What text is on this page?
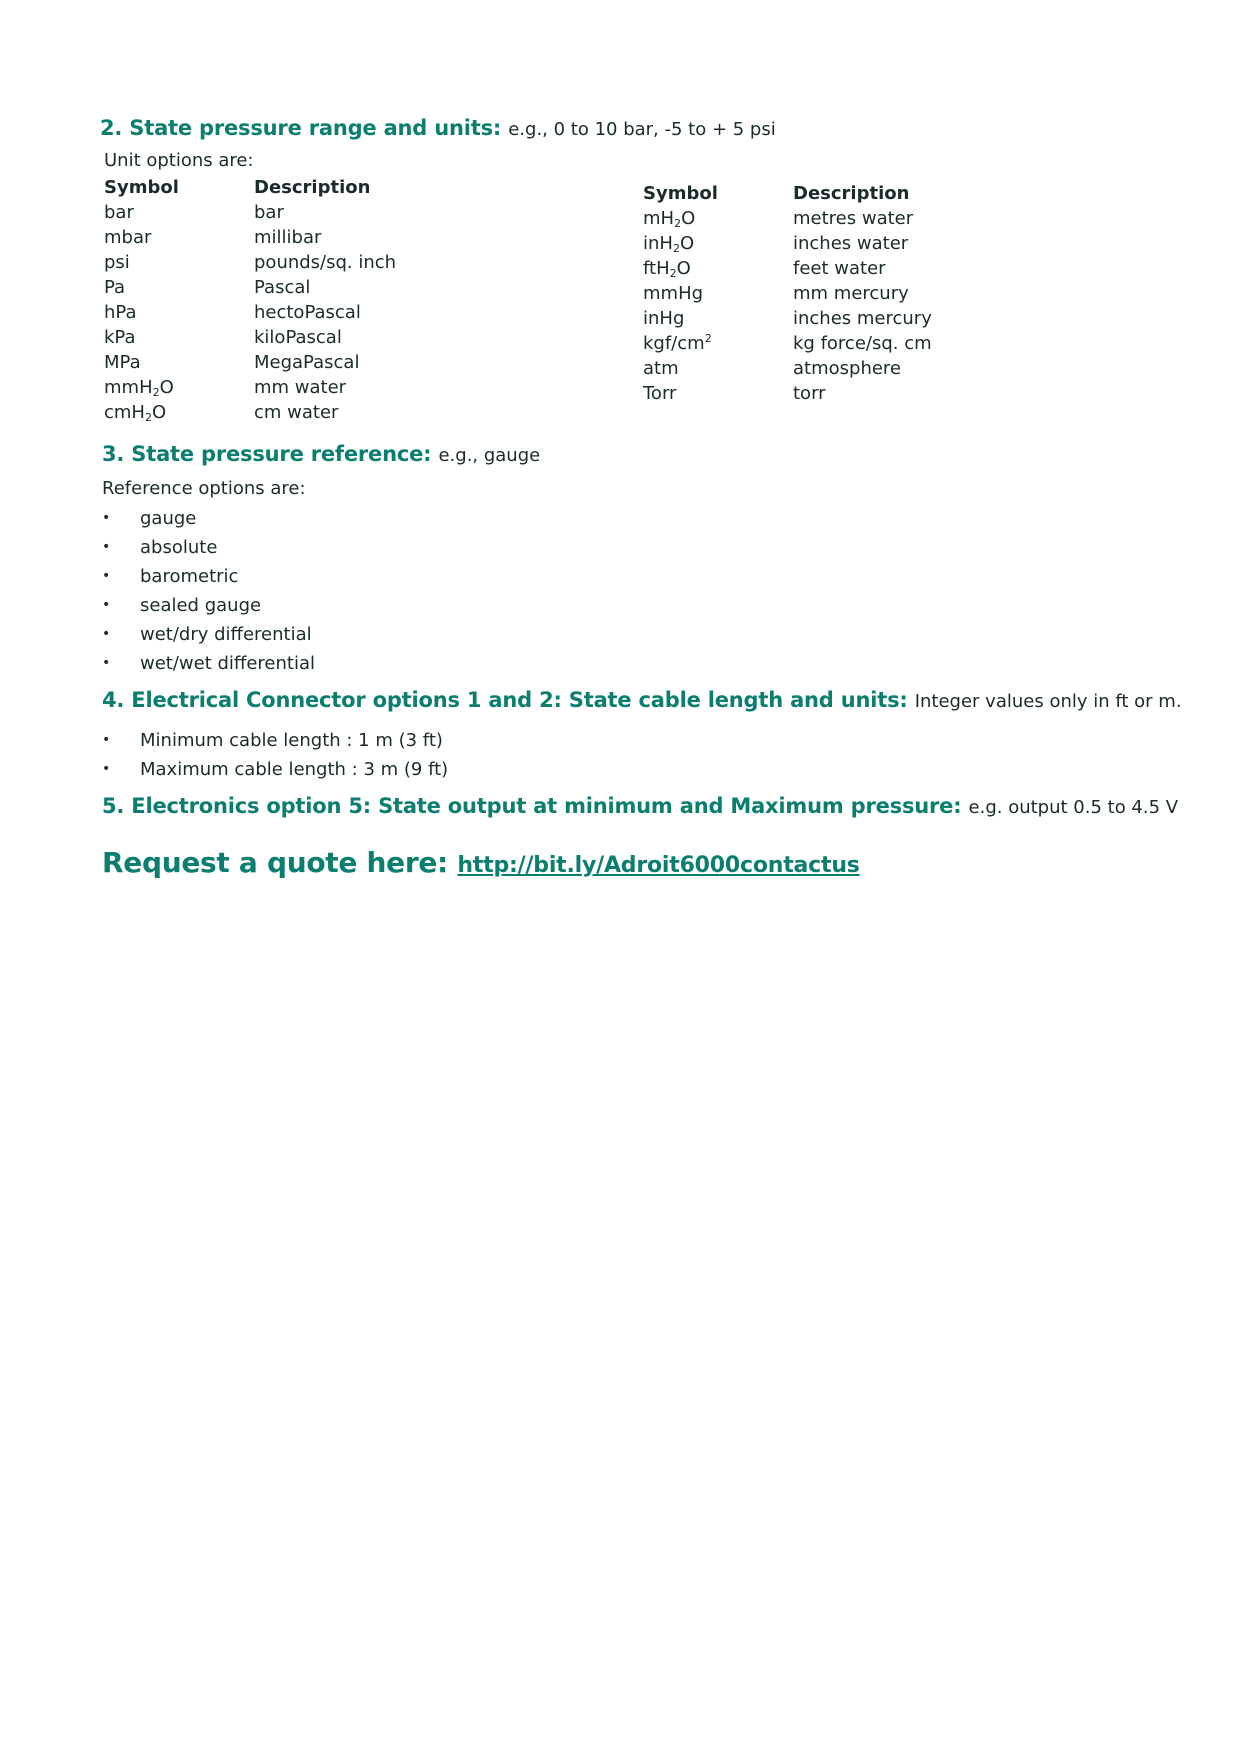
2. State pressure range and units: e.g., 0 to 10 bar, -5 to + 5 psi
Unit options are:
Symbol	Description
bar	bar
mbar	millibar
psi	pounds/sq. inch
Pa	Pascal
hPa	hectoPascal
kPa	kiloPascal
MPa	MegaPascal
mmH$_2$O	mm water
cmH$_2$O	cm water
Symbol	Description
$mH_2O$	metres water
inH$_2$O	inches water
ftH$_2$O	feet water
mmHg	mm mercury
inHg	inches mercury
kgf/$cm^2$	kg force/sq. cm
atm	atmosphere
Torr	torr
3. State pressure reference: e.g., gauge
Reference options are:
• gauge
• absolute
• barometric
• sealed gauge
• wet/dry differential
• wet/wet differential
4. Electrical Connector options 1 and 2: State cable length and units: Integer values only in ft or m.
• Minimum cable length : 1 m (3 ft)
• Maximum cable length : 3 m (9 ft)
5. Electronics option 5: State output at minimum and Maximum pressure: e.g. output 0.5 to 4.5 V
Request a quote here: http://bit.ly/Adroit6000contactus
